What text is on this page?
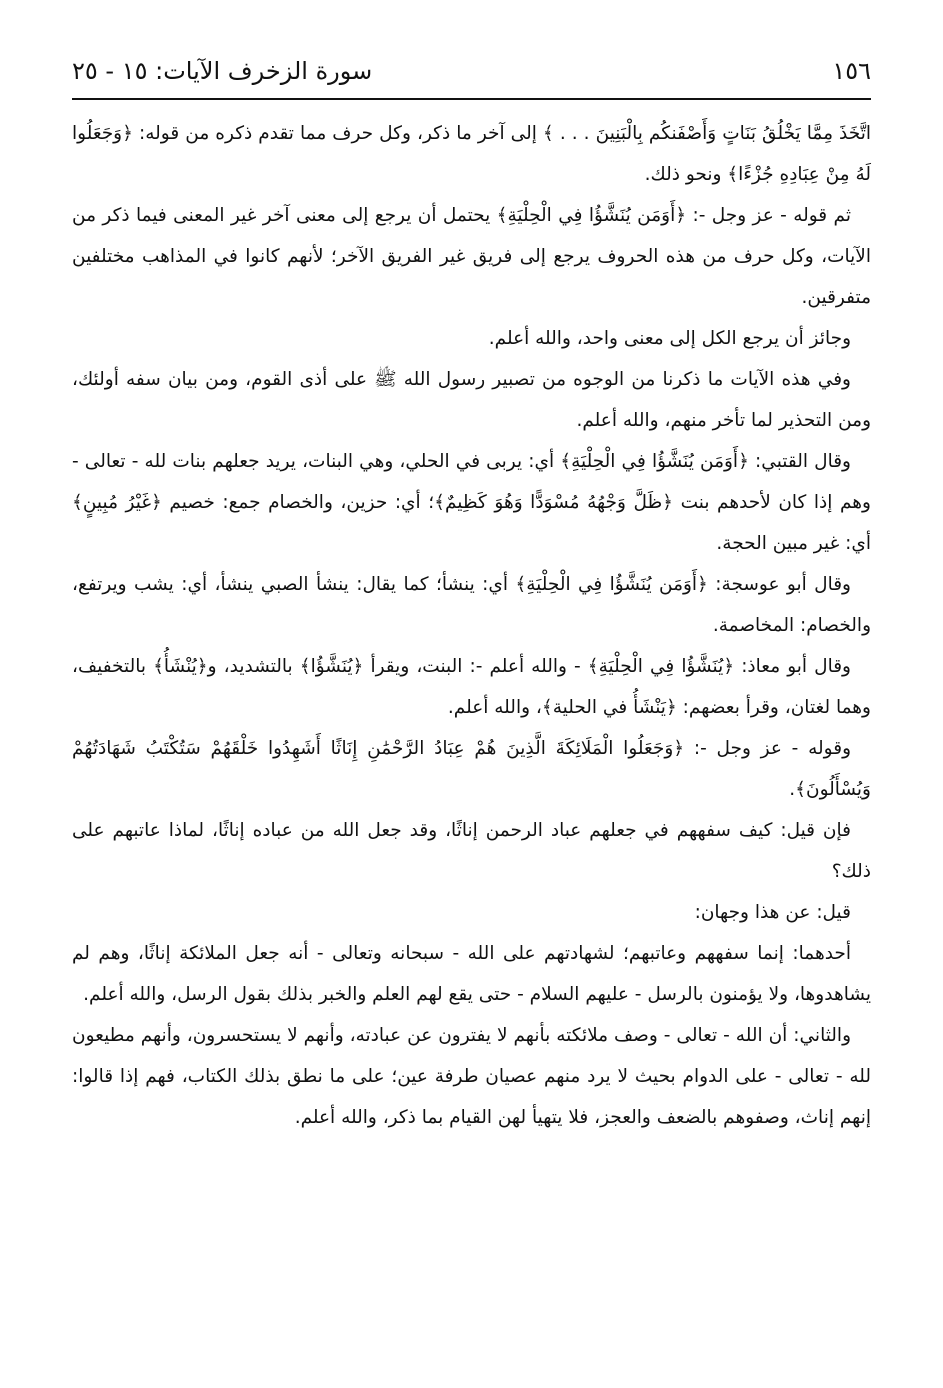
١٥٦
سورة الزخرف الآيات: ١٥ - ٢٥

اتَّخَذَ مِمَّا يَخْلُقُ بَنَاتٍ وَأَصْفَنكُم بِالْبَنِينَ . . . ﴾ إلى آخر ما ذكر، وكل حرف مما تقدم ذكره من قوله: ﴿وَجَعَلُوا لَهُ مِنْ عِبَادِهِ جُزْءًا﴾ ونحو ذلك.

ثم قوله - عز وجل -: ﴿أَوَمَن يُنَشَّؤُا فِي الْحِلْيَةِ﴾ يحتمل أن يرجع إلى معنى آخر غير المعنى فيما ذكر من الآيات، وكل حرف من هذه الحروف يرجع إلى فريق غير الفريق الآخر؛ لأنهم كانوا في المذاهب مختلفين متفرقين.

وجائز أن يرجع الكل إلى معنى واحد، والله أعلم.

وفي هذه الآيات ما ذكرنا من الوجوه من تصبير رسول الله ﷺ على أذى القوم، ومن بيان سفه أولئك، ومن التحذير لما تأخر منهم، والله أعلم.

وقال القتبي: ﴿أَوَمَن يُنَشَّؤُا فِي الْحِلْيَةِ﴾ أي: يربى في الحلي، وهي البنات، يريد جعلهم بنات لله - تعالى - وهم إذا كان لأحدهم بنت ﴿ظَلَّ وَجْهُهُ مُسْوَدًّا وَهُوَ كَظِيمٌ﴾؛ أي: حزين، والخصام جمع: خصيم ﴿غَيْرُ مُبِينٍ﴾ أي: غير مبين الحجة.

وقال أبو عوسجة: ﴿أَوَمَن يُنَشَّؤُا فِي الْحِلْيَةِ﴾ أي: ينشأ؛ كما يقال: ينشأ الصبي ينشأ، أي: يشب ويرتفع، والخصام: المخاصمة.

وقال أبو معاذ: ﴿يُنَشَّؤُا فِي الْحِلْيَةِ﴾ - والله أعلم -: البنت، ويقرأ ﴿يُنَشَّؤُا﴾ بالتشديد، و﴿يُنْشَأُ﴾ بالتخفيف، وهما لغتان، وقرأ بعضهم: ﴿يَنْشَأُ في الحلية﴾، والله أعلم.

وقوله - عز وجل -: ﴿وَجَعَلُوا الْمَلَائِكَةَ الَّذِينَ هُمْ عِبَادُ الرَّحْمَٰنِ إِنَاثًا أَشَهِدُوا خَلْقَهُمْ سَتُكْتَبُ شَهَادَتُهُمْ وَيُسْأَلُونَ﴾.

فإن قيل: كيف سفههم في جعلهم عباد الرحمن إناثًا، وقد جعل الله من عباده إناثًا، لماذا عاتبهم على ذلك؟

قيل: عن هذا وجهان:

أحدهما: إنما سفههم وعاتبهم؛ لشهادتهم على الله - سبحانه وتعالى - أنه جعل الملائكة إناثًا، وهم لم يشاهدوها، ولا يؤمنون بالرسل - عليهم السلام - حتى يقع لهم العلم والخبر بذلك بقول الرسل، والله أعلم.

والثاني: أن الله - تعالى - وصف ملائكته بأنهم لا يفترون عن عبادته، وأنهم لا يستحسرون، وأنهم مطيعون لله - تعالى - على الدوام بحيث لا يرد منهم عصيان طرفة عين؛ على ما نطق بذلك الكتاب، فهم إذا قالوا: إنهم إناث، وصفوهم بالضعف والعجز، فلا يتهيأ لهن القيام بما ذكر، والله أعلم.
